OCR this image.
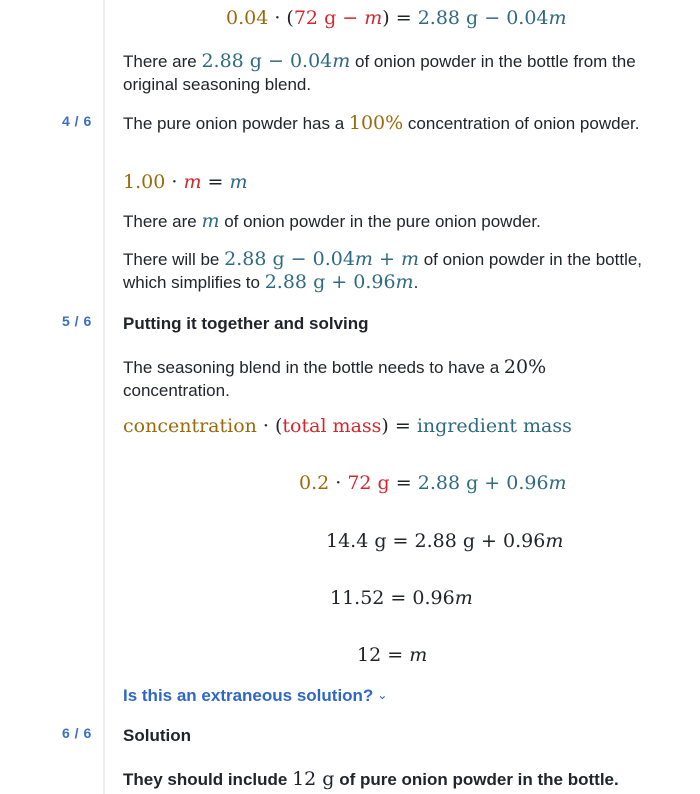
0.04 · (72 g − m) = 2.88 g − 0.04m
There are 2.88 g − 0.04m of onion powder in the bottle from the original seasoning blend.
4 / 6 The pure onion powder has a 100% concentration of onion powder.
1.00 · m = m
There are m of onion powder in the pure onion powder.
There will be 2.88 g − 0.04m + m of onion powder in the bottle, which simplifies to 2.88 g + 0.96m.
5 / 6 Putting it together and solving
The seasoning blend in the bottle needs to have a 20% concentration.
concentration · (total mass) = ingredient mass
0.2 · 72 g = 2.88 g + 0.96m
14.4 g = 2.88 g + 0.96m
11.52 = 0.96m
12 = m
Is this an extraneous solution? ⌄
6 / 6 Solution
They should include 12 g of pure onion powder in the bottle.
